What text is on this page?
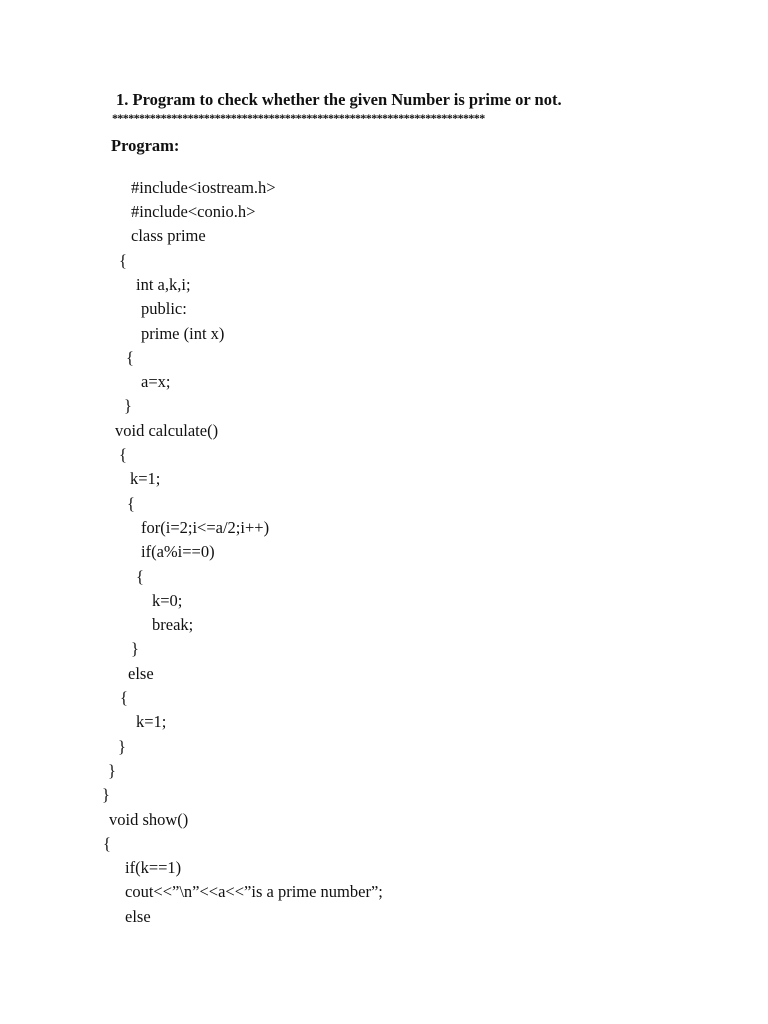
1. Program to check whether the given Number is prime or not.
*********************************************************************
Program:
#include<iostream.h>
#include<conio.h>
class prime
{
int a,k,i;
public:
prime (int x)
{
a=x;
}
void calculate()
{
k=1;
{
for(i=2;i<=a/2;i++)
if(a%i==0)
{
k=0;
break;
}
else
{
k=1;
}
}
}
void show()
{
if(k==1)
cout<<”\n”<<a<<”is a prime number”;
else
